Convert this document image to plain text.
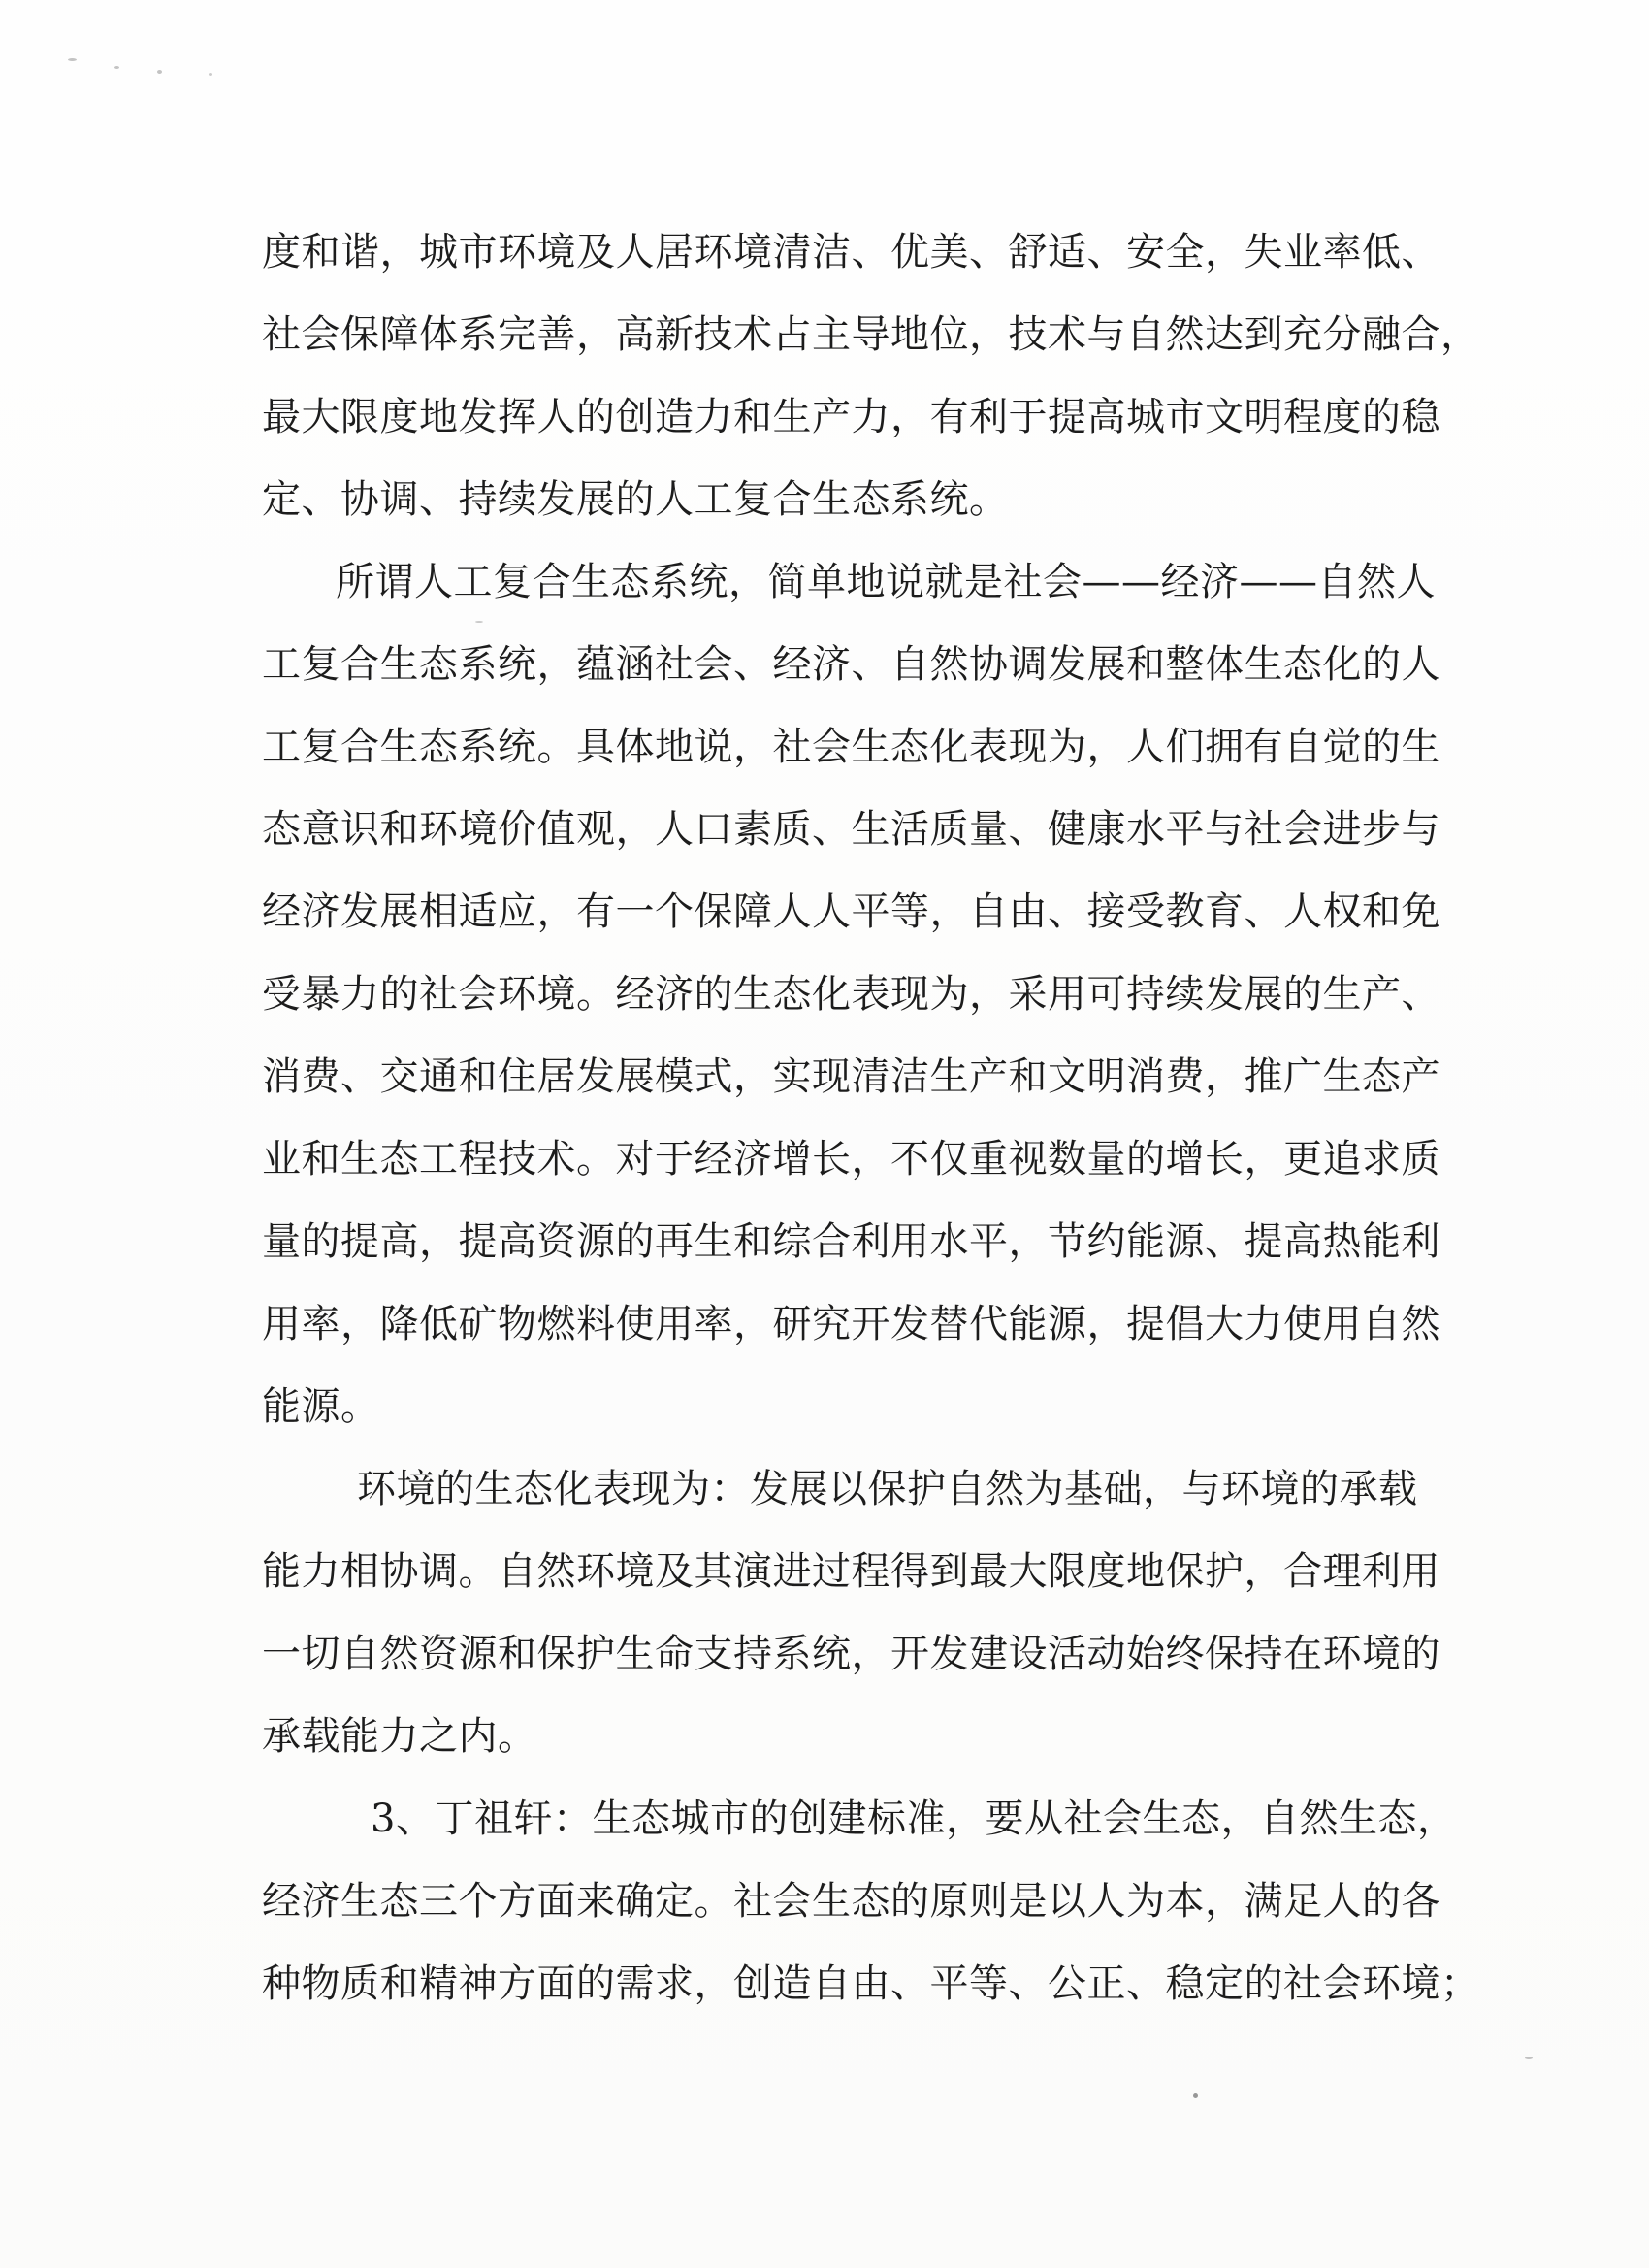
度和谐，城市环境及人居环境清洁、优美、舒适、安全，失业率低、
社会保障体系完善，高新技术占主导地位，技术与自然达到充分融合，
最大限度地发挥人的创造力和生产力，有利于提高城市文明程度的稳
定、协调、持续发展的人工复合生态系统。
所谓人工复合生态系统，简单地说就是社会——经济——自然人
工复合生态系统，蕴涵社会、经济、自然协调发展和整体生态化的人
工复合生态系统。具体地说，社会生态化表现为，人们拥有自觉的生
态意识和环境价值观，人口素质、生活质量、健康水平与社会进步与
经济发展相适应，有一个保障人人平等，自由、接受教育、人权和免
受暴力的社会环境。经济的生态化表现为，采用可持续发展的生产、
消费、交通和住居发展模式，实现清洁生产和文明消费，推广生态产
业和生态工程技术。对于经济增长，不仅重视数量的增长，更追求质
量的提高，提高资源的再生和综合利用水平，节约能源、提高热能利
用率，降低矿物燃料使用率，研究开发替代能源，提倡大力使用自然
能源。
环境的生态化表现为：发展以保护自然为基础，与环境的承载
能力相协调。自然环境及其演进过程得到最大限度地保护，合理利用
一切自然资源和保护生命支持系统，开发建设活动始终保持在环境的
承载能力之内。
3、丁祖轩：生态城市的创建标准，要从社会生态，自然生态，
经济生态三个方面来确定。社会生态的原则是以人为本，满足人的各
种物质和精神方面的需求，创造自由、平等、公正、稳定的社会环境；
